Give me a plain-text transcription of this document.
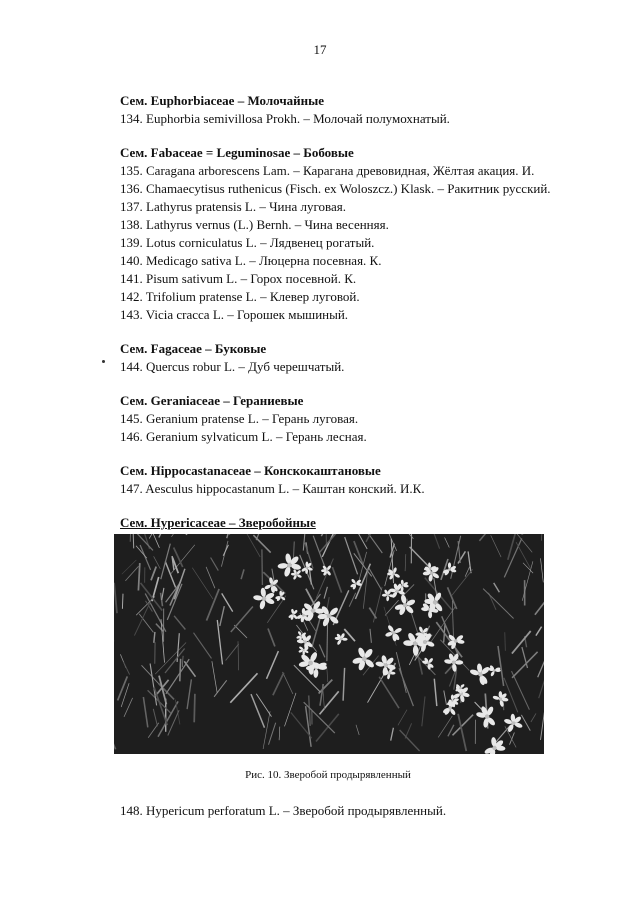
17

Сем. Euphorbiaceae – Молочайные

134. Euphorbia semivillosa Prokh. – Молочай полумохнатый.

Сем. Fabaceae = Leguminosae – Бобовые

135. Caragana arborescens Lam. – Карагана древовидная, Жёлтая акация. И.

136. Chamaecytisus ruthenicus (Fisch. ex Woloszcz.) Klask. – Ракитник русский.

137. Lathyrus pratensis L. – Чина луговая.

138. Lathyrus vernus (L.) Bernh. – Чина весенняя.

139. Lotus corniculatus L. – Лядвенец рогатый.

140. Medicago sativa L. – Люцерна посевная. К.

141. Pisum sativum L. – Горох посевной. К.

142. Trifolium pratense L. – Клевер луговой.

143. Vicia cracca L. – Горошек мышиный.

Сем. Fagaceae – Буковые

144. Quercus robur L. – Дуб черешчатый.

Сем. Geraniaceae – Гераниевые

145. Geranium pratense L. – Герань луговая.

146. Geranium sylvaticum L. – Герань лесная.

Сем. Hippocastanaceae – Конскокаштановые

147. Aesculus hippocastanum L. – Каштан конский. И.К.

Сем. Hypericaceae – Зверобойные

Рис. 10. Зверобой продырявленный

148. Hypericum perforatum L. – Зверобой продырявленный.
